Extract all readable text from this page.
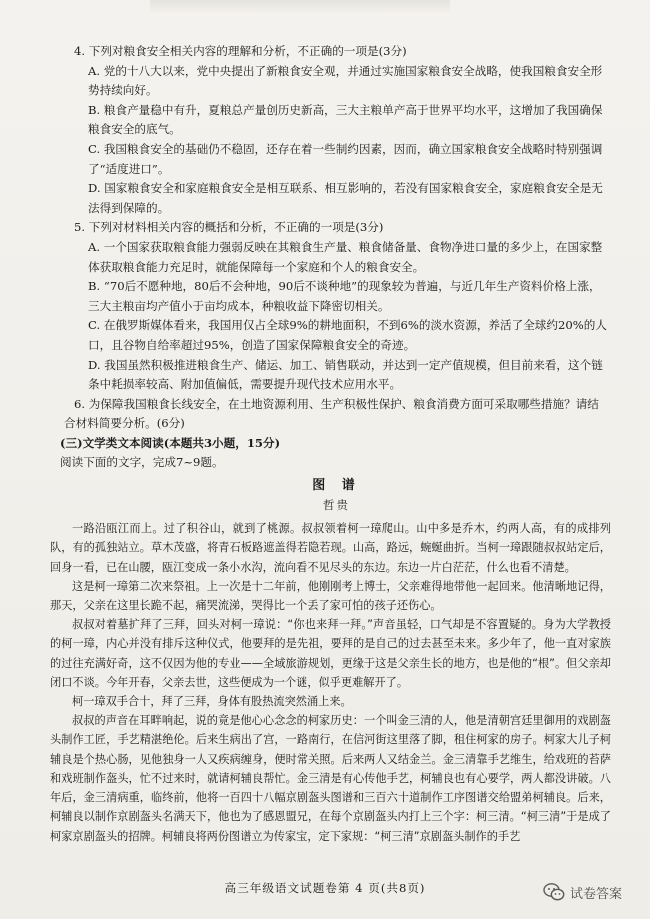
4. 下列对粮食安全相关内容的理解和分析，不正确的一项是(3分)

A. 党的十八大以来，党中央提出了新粮食安全观，并通过实施国家粮食安全战略，使我国粮食安全形势持续向好。

B. 粮食产量稳中有升，夏粮总产量创历史新高，三大主粮单产高于世界平均水平，这增加了我国确保粮食安全的底气。

C. 我国粮食安全的基础仍不稳固，还存在着一些制约因素，因而，确立国家粮食安全战略时特别强调了“适度进口”。

D. 国家粮食安全和家庭粮食安全是相互联系、相互影响的，若没有国家粮食安全，家庭粮食安全是无法得到保障的。

5. 下列对材料相关内容的概括和分析，不正确的一项是(3分)

A. 一个国家获取粮食能力强弱反映在其粮食生产量、粮食储备量、食物净进口量的多少上，在国家整体获取粮食能力充足时，就能保障每一个家庭和个人的粮食安全。

B. “70后不愿种地，80后不会种地，90后不谈种地”的现象较为普遍，与近几年生产资料价格上涨，三大主粮亩均产值小于亩均成本，种粮收益下降密切相关。

C. 在俄罗斯媒体看来，我国用仅占全球9%的耕地面积，不到6%的淡水资源，养活了全球约20%的人口，且谷物自给率超过95%，创造了国家保障粮食安全的奇迹。

D. 我国虽然积极推进粮食生产、储运、加工、销售联动，并达到一定产值规模，但目前来看，这个链条中耗损率较高、附加值偏低，需要提升现代技术应用水平。

6. 为保障我国粮食长线安全，在土地资源利用、生产积极性保护、粮食消费方面可采取哪些措施？请结合材料简要分析。(6分)

(三)文学类文本阅读(本题共3小题，15分)

阅读下面的文字，完成7~9题。

图 谱

哲贵

一路沿瓯江而上。过了积谷山，就到了桃源。叔叔领着柯一璋爬山。山中多是乔木，约两人高，有的成排列队，有的孤独站立。草木茂盛，将青石板路遮盖得若隐若现。山高，路远，蜿蜒曲折。当柯一璋跟随叔叔站定后，回身一看，已在山腰，瓯江变成一条小水沟，流向看不见尽头的东边。东边一片白茫茫，什么也看不清楚。

这是柯一璋第二次来祭祖。上一次是十二年前，他刚刚考上博士，父亲难得地带他一起回来。他清晰地记得，那天，父亲在这里长跪不起，痛哭流涕，哭得比一个丢了家可怕的孩子还伤心。

叔叔对着墓扩拜了三拜，回头对柯一璋说：“你也来拜一拜。”声音虽轻，口气却是不容置疑的。身为大学教授的柯一璋，内心并没有排斥这种仪式，他要拜的是先祖，要拜的是自己的过去甚至未来。多少年了，他一直对家族的过往充满好奇，这不仅因为他的专业——全域旅游规划，更缘于这是父亲生长的地方，也是他的“根”。但父亲却闭口不谈。今年开春，父亲去世，这些便成为一个谜，似乎更难解开了。

柯一璋双手合十，拜了三拜，身体有股热流突然涌上来。

叔叔的声音在耳畔响起，说的竟是他心心念念的柯家历史：一个叫金三清的人，他是清朝宫廷里御用的戏剧盔头制作工匠，手艺精湛绝伦。后来生病出了宫，一路南行，在信河街这里落了脚，租住柯家的房子。柯家大儿子柯辅良是个热心肠，见他独身一人又疾病缠身，便时常关照。后来两人又结金兰。金三清靠手艺维生，给戏班的苔萨和戏班制作盔头，忙不过来时，就请柯辅良帮忙。金三清是有心传他手艺，柯辅良也有心要学，两人都没讲破。八年后，金三清病重，临终前，他将一百四十八幅京剧盔头图谱和三百六十道制作工序图谱交给盟弟柯辅良。后来，柯辅良以制作京剧盔头名满天下，他也为了感恩盟兄，在每个京剧盔头内打上三个字：柯三清。“柯三清”于是成了柯家京剧盔头的招牌。柯辅良将两份图谱立为传家宝，定下家规：“柯三清”京剧盔头制作的手艺

高三年级语文试题卷第 4 页(共8页)	试卷答案
